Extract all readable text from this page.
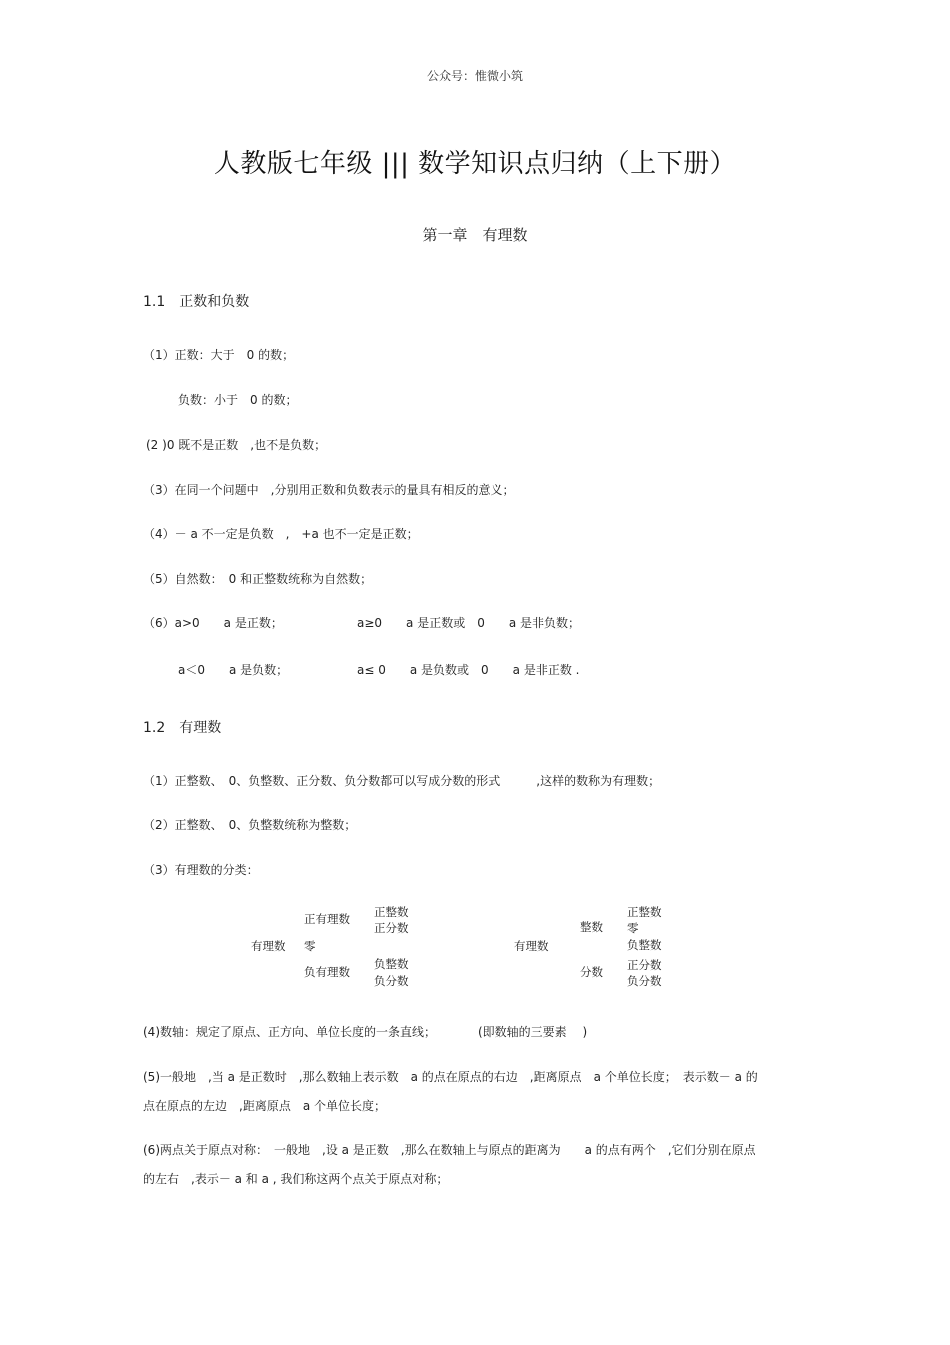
公众号：惟微小筑
人教版七年级 ||| 数学知识点归纳（上下册）
第一章　有理数
1.1　正数和负数
（1）正数：大于　0 的数；
负数：小于　0 的数；
(2 )0 既不是正数　,也不是负数；
（3）在同一个问题中　,分别用正数和负数表示的量具有相反的意义；
（4）－ a 不一定是负数　,　+a 也不一定是正数；
（5）自然数：　0 和正整数统称为自然数；
（6）a>0　　a 是正数；	a≥0　　a 是正数或　0　　a 是非负数；
a＜0　　a 是负数；	a≤ 0　　a 是负数或　0　　a 是非正数 .
1.2　有理数
（1）正整数、　0、负整数、正分数、负分数都可以写成分数的形式　　　,这样的数称为有理数；
（2）正整数、　0、负整数统称为整数；
（3）有理数的分类：
有理数
正有理数 正整数
正分数
零
负有理数
负整数
负分数
有理数
整数
正整数
零
负整数
分数 正分数
负分数
(4)数轴：规定了原点、正方向、单位长度的一条直线；　　　　(即数轴的三要素　 )
(5)一般地　,当 a 是正数时　,那么数轴上表示数　a 的点在原点的右边　,距离原点　a 个单位长度；　表示数－ a 的
点在原点的左边　,距离原点　a 个单位长度；
(6)两点关于原点对称：　一般地　,设 a 是正数　,那么在数轴上与原点的距离为　　a 的点有两个　,它们分别在原点
的左右　,表示－ a 和 a , 我们称这两个点关于原点对称；
